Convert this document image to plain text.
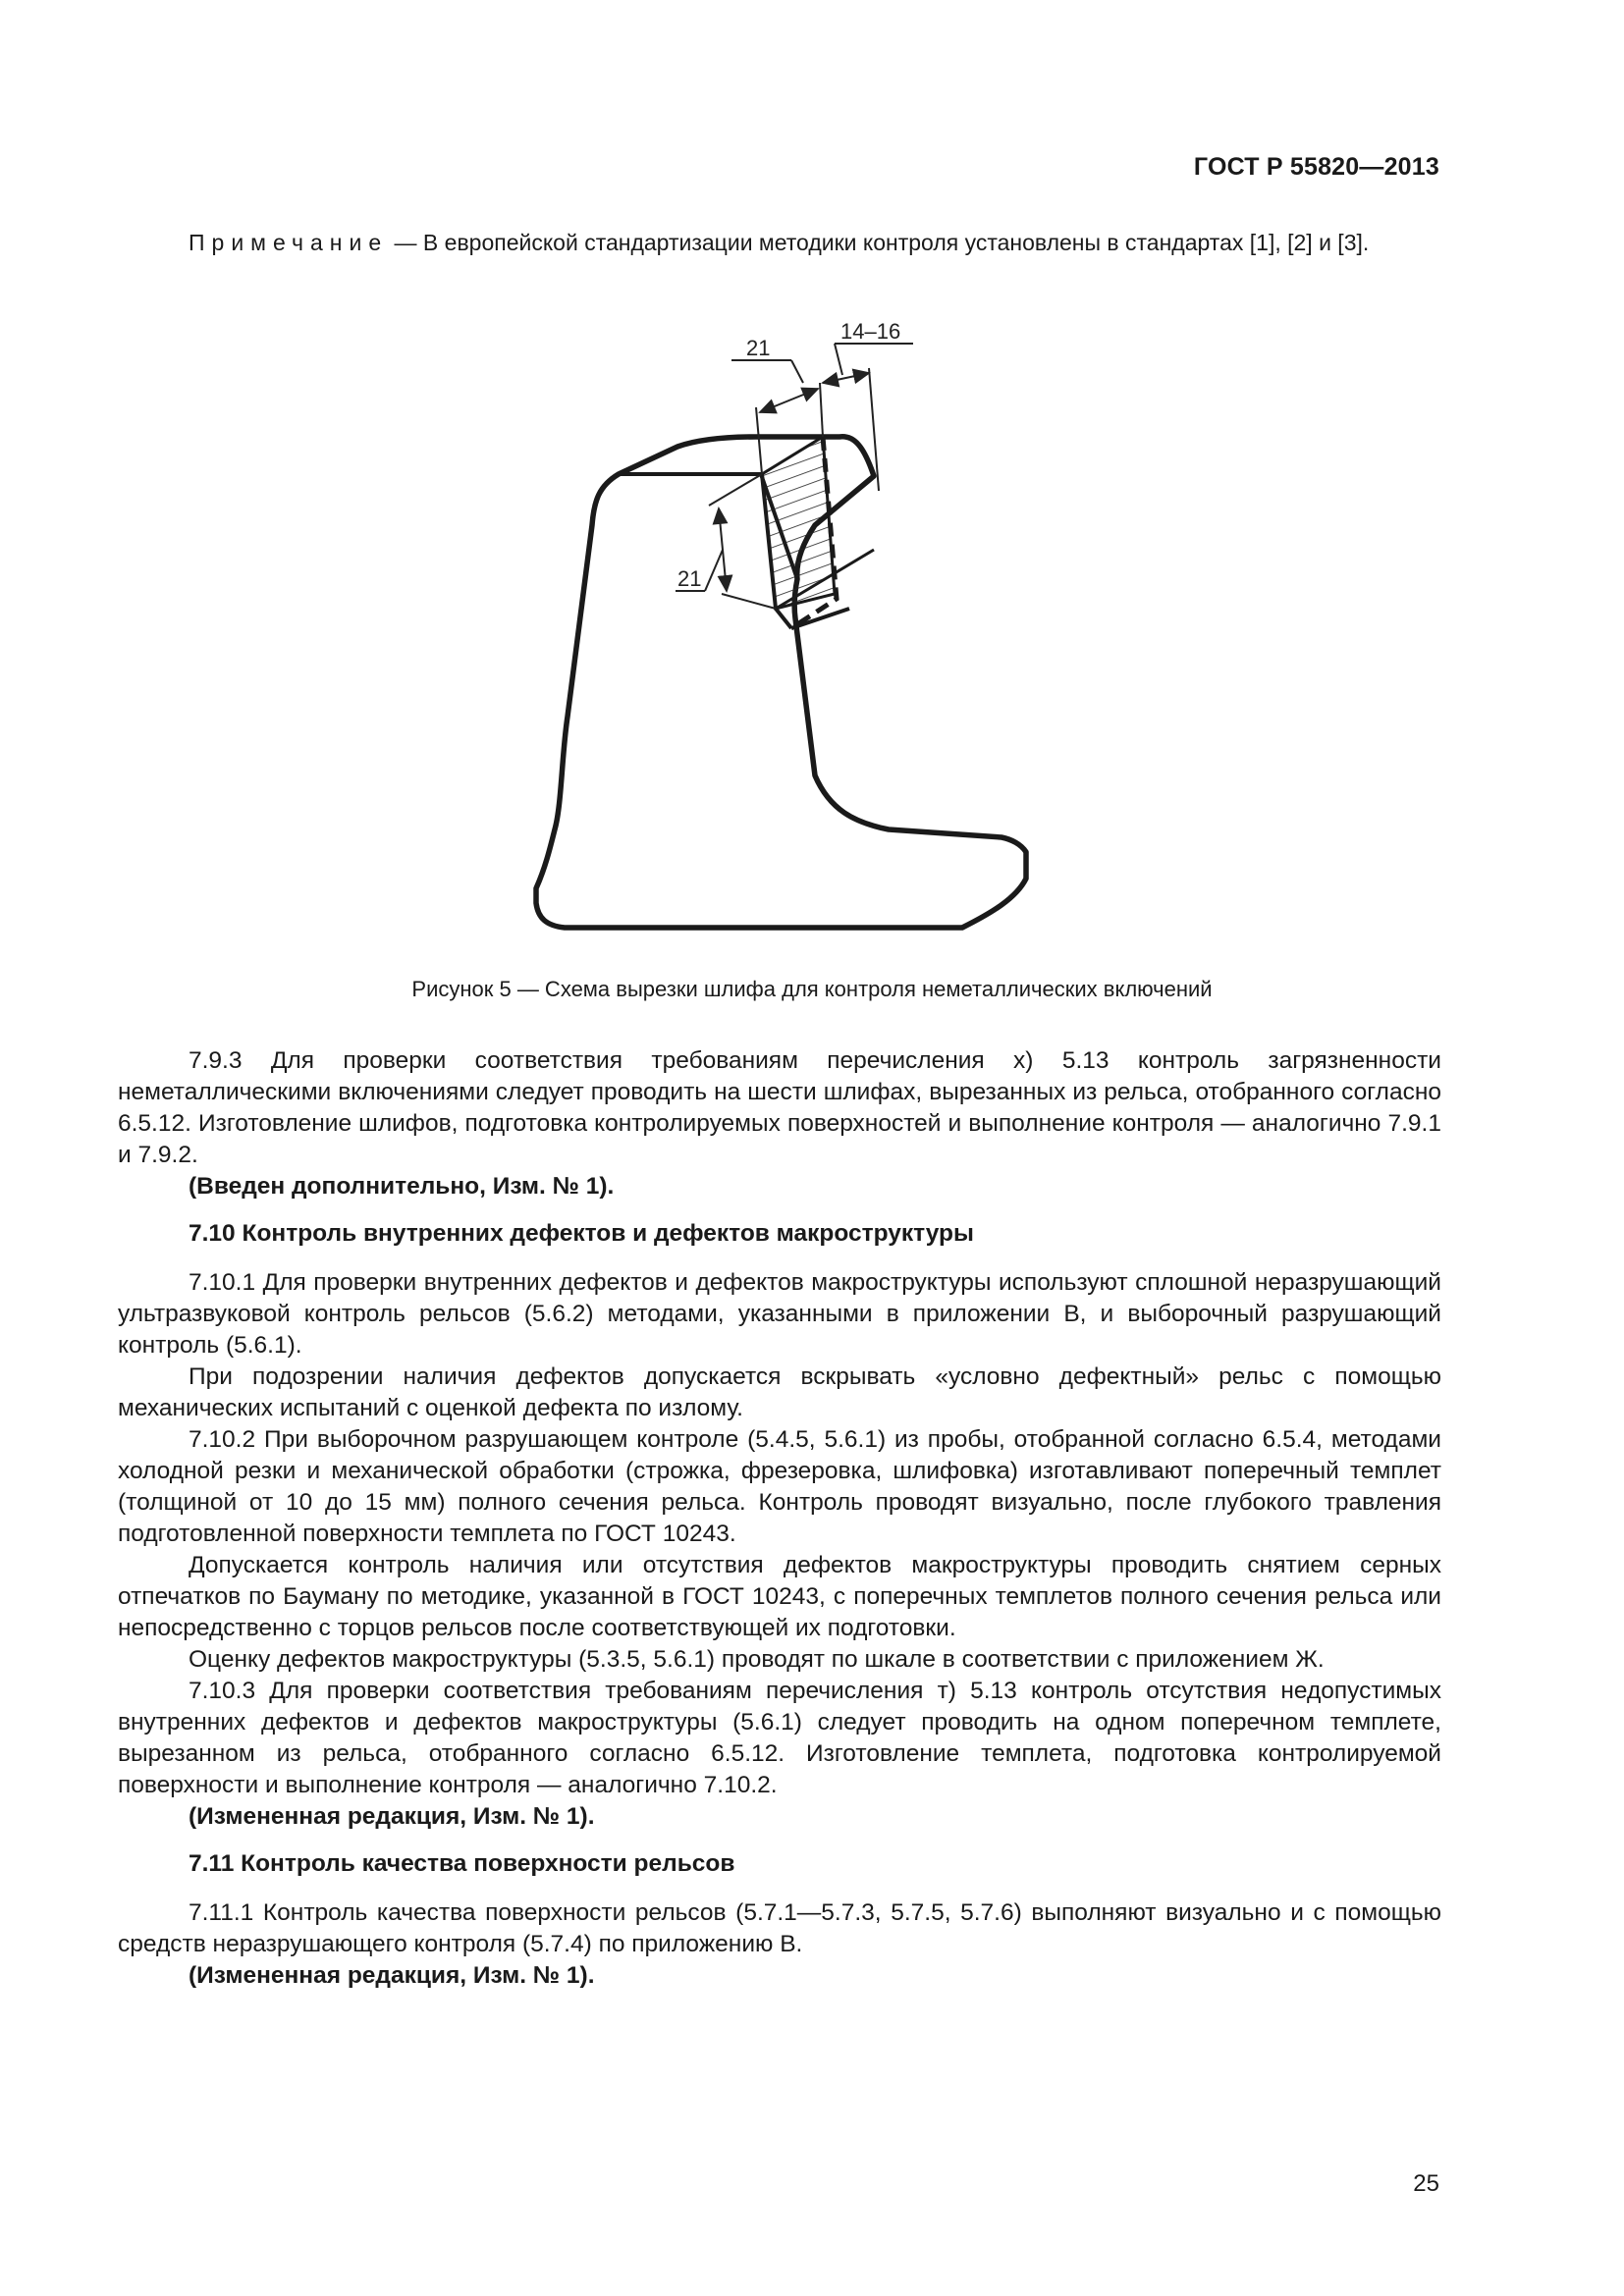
ГОСТ Р 55820—2013

Примечание — В европейской стандартизации методики контроля установлены в стандартах [1], [2] и [3].

21
14–16
21
Рисунок 5 — Схема вырезки шлифа для контроля неметаллических включений

7.9.3 Для проверки соответствия требованиям перечисления х) 5.13 контроль загрязненности неметаллическими включениями следует проводить на шести шлифах, вырезанных из рельса, отобранного согласно 6.5.12. Изготовление шлифов, подготовка контролируемых поверхностей и выполнение контроля — аналогично 7.9.1 и 7.9.2.

(Введен дополнительно, Изм. № 1).

7.10 Контроль внутренних дефектов и дефектов макроструктуры

7.10.1 Для проверки внутренних дефектов и дефектов макроструктуры используют сплошной неразрушающий ультразвуковой контроль рельсов (5.6.2) методами, указанными в приложении В, и выборочный разрушающий контроль (5.6.1).

При подозрении наличия дефектов допускается вскрывать «условно дефектный» рельс с помощью механических испытаний с оценкой дефекта по излому.

7.10.2 При выборочном разрушающем контроле (5.4.5, 5.6.1) из пробы, отобранной согласно 6.5.4, методами холодной резки и механической обработки (строжка, фрезеровка, шлифовка) изготавливают поперечный темплет (толщиной от 10 до 15 мм) полного сечения рельса. Контроль проводят визуально, после глубокого травления подготовленной поверхности темплета по ГОСТ 10243.

Допускается контроль наличия или отсутствия дефектов макроструктуры проводить снятием серных отпечатков по Бауману по методике, указанной в ГОСТ 10243, с поперечных темплетов полного сечения рельса или непосредственно с торцов рельсов после соответствующей их подготовки.

Оценку дефектов макроструктуры (5.3.5, 5.6.1) проводят по шкале в соответствии с приложением Ж.

7.10.3 Для проверки соответствия требованиям перечисления т) 5.13 контроль отсутствия недопустимых внутренних дефектов и дефектов макроструктуры (5.6.1) следует проводить на одном поперечном темплете, вырезанном из рельса, отобранного согласно 6.5.12. Изготовление темплета, подготовка контролируемой поверхности и выполнение контроля — аналогично 7.10.2.

(Измененная редакция, Изм. № 1).

7.11 Контроль качества поверхности рельсов

7.11.1 Контроль качества поверхности рельсов (5.7.1—5.7.3, 5.7.5, 5.7.6) выполняют визуально и с помощью средств неразрушающего контроля (5.7.4) по приложению В.

(Измененная редакция, Изм. № 1).

25
